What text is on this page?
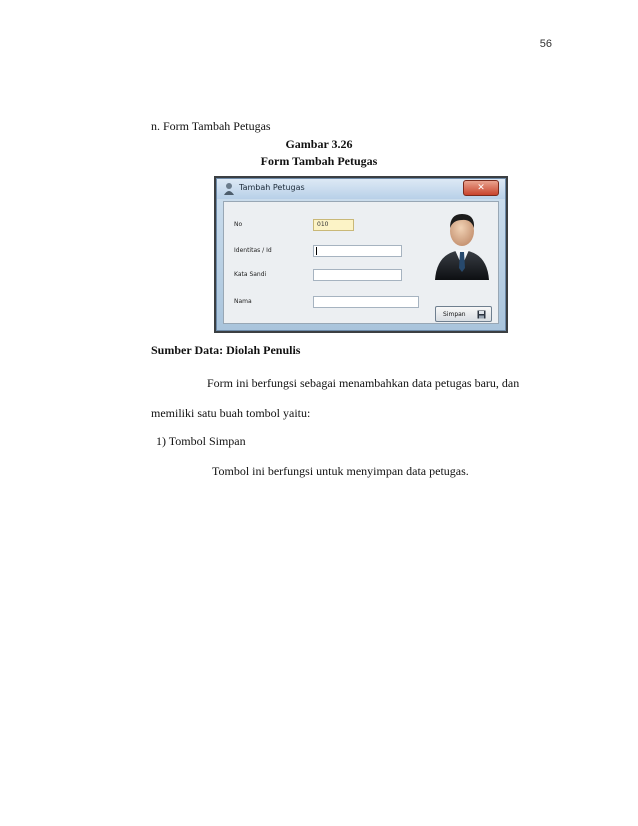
56
n. Form Tambah Petugas
Gambar 3.26
Form Tambah Petugas
Tambah Petugas	✕
No	010
Identitas / Id
Kata Sandi
Nama
Simpan
Sumber Data: Diolah Penulis
Form ini berfungsi sebagai menambahkan data petugas baru, dan
memiliki satu buah tombol yaitu:
1) Tombol Simpan
Tombol ini berfungsi untuk menyimpan data petugas.
